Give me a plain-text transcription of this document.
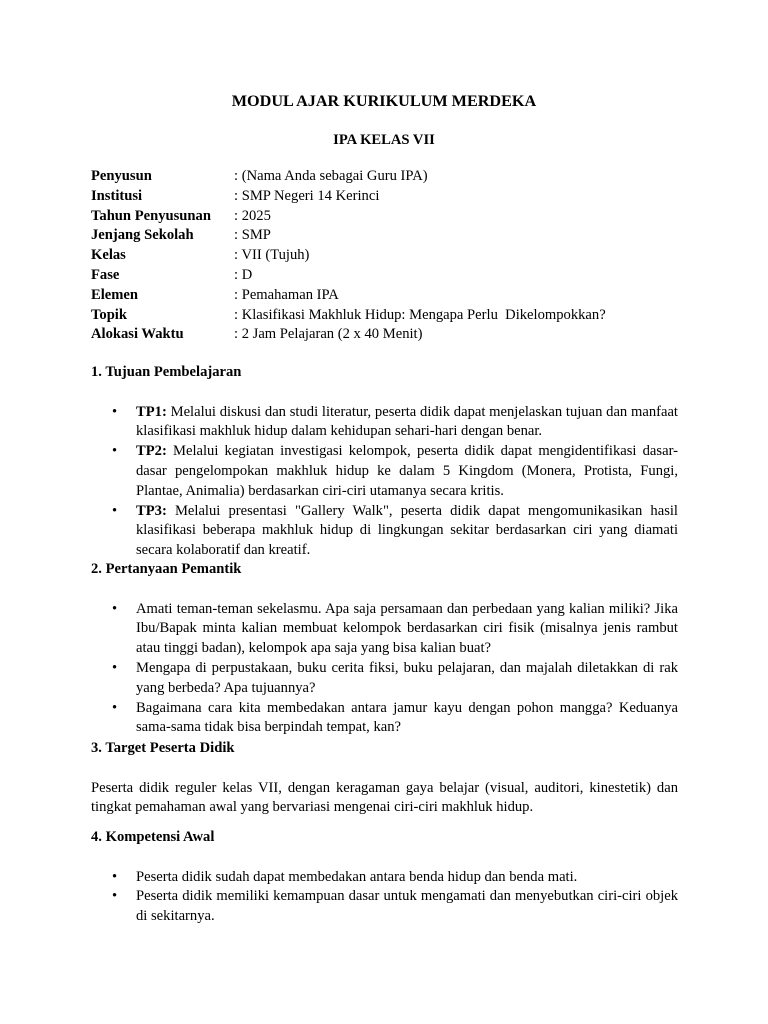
MODUL AJAR KURIKULUM MERDEKA
IPA KELAS VII
Penyusun	: (Nama Anda sebagai Guru IPA)
Institusi	: SMP Negeri 14 Kerinci
Tahun Penyusunan	: 2025
Jenjang Sekolah	: SMP
Kelas	: VII (Tujuh)
Fase	: D
Elemen	: Pemahaman IPA
Topik	: Klasifikasi Makhluk Hidup: Mengapa Perlu  Dikelompokkan?
Alokasi Waktu	: 2 Jam Pelajaran (2 x 40 Menit)

1. Tujuan Pembelajaran

• TP1: Melalui diskusi dan studi literatur, peserta didik dapat menjelaskan tujuan dan manfaat klasifikasi makhluk hidup dalam kehidupan sehari-hari dengan benar.
• TP2: Melalui kegiatan investigasi kelompok, peserta didik dapat mengidentifikasi dasar-dasar pengelompokan makhluk hidup ke dalam 5 Kingdom (Monera, Protista, Fungi, Plantae, Animalia) berdasarkan ciri-ciri utamanya secara kritis.
• TP3: Melalui presentasi "Gallery Walk", peserta didik dapat mengomunikasikan hasil klasifikasi beberapa makhluk hidup di lingkungan sekitar berdasarkan ciri yang diamati secara kolaboratif dan kreatif.

2. Pertanyaan Pemantik

• Amati teman-teman sekelasmu. Apa saja persamaan dan perbedaan yang kalian miliki? Jika Ibu/Bapak minta kalian membuat kelompok berdasarkan ciri fisik (misalnya jenis rambut atau tinggi badan), kelompok apa saja yang bisa kalian buat?
• Mengapa di perpustakaan, buku cerita fiksi, buku pelajaran, dan majalah diletakkan di rak yang berbeda? Apa tujuannya?
• Bagaimana cara kita membedakan antara jamur kayu dengan pohon mangga? Keduanya sama-sama tidak bisa berpindah tempat, kan?

3. Target Peserta Didik

Peserta didik reguler kelas VII, dengan keragaman gaya belajar (visual, auditori, kinestetik) dan tingkat pemahaman awal yang bervariasi mengenai ciri-ciri makhluk hidup.

4. Kompetensi Awal

• Peserta didik sudah dapat membedakan antara benda hidup dan benda mati.
• Peserta didik memiliki kemampuan dasar untuk mengamati dan menyebutkan ciri-ciri objek di sekitarnya.
